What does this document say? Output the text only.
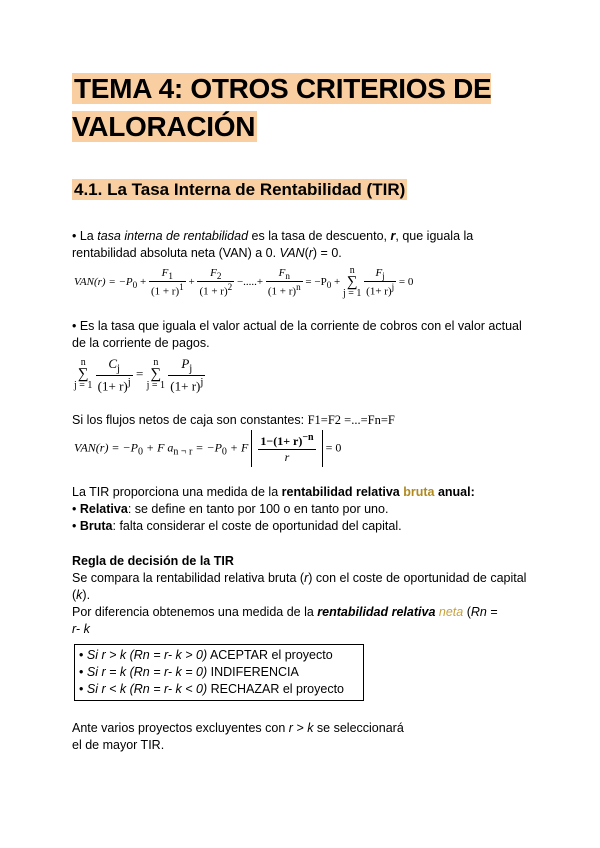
TEMA 4: OTROS CRITERIOS DE VALORACIÓN
4.1. La Tasa Interna de Rentabilidad (TIR)
• La tasa interna de rentabilidad es la tasa de descuento, r, que iguala la rentabilidad absoluta neta (VAN) a 0. VAN(r) = 0.
$VAN(r) = -P_0 + \frac{F_1}{(1 + r)^1} + \frac{F_2}{(1 + r)^2}$ −.....+ $\frac{F_n}{(1 + r)^n} = -P_0$ +
n
∑
j = 1
$\frac{F_j}{(1+ r)^j} = 0$
• Es la tasa que iguala el valor actual de la corriente de cobros con el valor actual de la corriente de pagos.
n
∑
j = 1
$\frac{C_j}{(1+ r)^j}$ =
n
∑
j = 1
$\frac{P_j}{(1+ r)^j}$
Si los flujos netos de caja son constantes: F1=F2 =...=Fn=F
$VAN(r) = -P_0 + F$ $a_{n \neg r} = -P_0 + F \frac{1-(1+ r)^{-n}}{r} = 0$
La TIR proporciona una medida de la rentabilidad relativa bruta anual:
• Relativa: se define en tanto por 100 o en tanto por uno.
• Bruta: falta considerar el coste de oportunidad del capital.
Regla de decisión de la TIR
Se compara la rentabilidad relativa bruta (r) con el coste de oportunidad de capital (k).
Por diferencia obtenemos una medida de la rentabilidad relativa neta (Rn =
r- k
• Si r > k (Rn = r- k > 0) ACEPTAR el proyecto
• Si r = k (Rn = r- k = 0) INDIFERENCIA
• Si r < k (Rn = r- k < 0) RECHAZAR el proyecto
Ante varios proyectos excluyentes con r > k se seleccionará
el de mayor TIR.
